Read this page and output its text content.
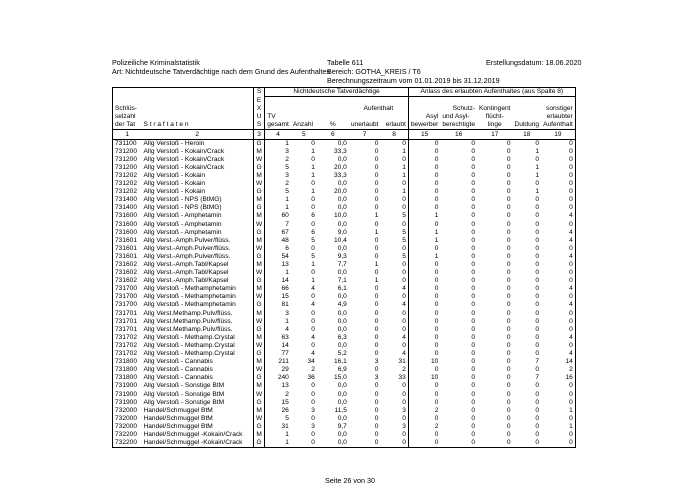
Polizeiliche Kriminalstatistik
Art: Nichtdeutsche Tatverdächtige nach dem Grund des Aufenthaltes
Tabelle 611
Bereich: GOTHA_KREIS / T6
Berechnungszeitraum vom 01.01.2019 bis 31.12.2019
Erstellungsdatum: 18.06.2020
		S	Nichtdeutsche Tatverdächtige					Anlass des erlaubten Aufenthaltes (aus Spalte 8)				
		E										
Schlüs-		X				Aufenthalt			Schutz-	Kontingent		sonstiger
selzahl		U	TV					Asyl	und Asyl-	flücht-		erlaubter
der Tat	S t r a f t a t e n	S	gesamt	Anzahl	%	unerlaubt	erlaubt	bewerber	berechtigte	linge	Duldung	Aufenthalt
1	2	3	4	5	6	7	8	15	16	17	18	19
731100	Allg Verstoß - Heroin	G	1	0	0,0	0	0	0	0	0	0	0
731200	Allg Verstoß - Kokain/Crack	M	3	1	33,3	0	1	0	0	0	1	0
731200	Allg Verstoß - Kokain/Crack	W	2	0	0,0	0	0	0	0	0	0	0
731200	Allg Verstoß - Kokain/Crack	G	5	1	20,0	0	1	0	0	0	1	0
731202	Allg Verstoß - Kokain	M	3	1	33,3	0	1	0	0	0	1	0
731202	Allg Verstoß - Kokain	W	2	0	0,0	0	0	0	0	0	0	0
731202	Allg Verstoß - Kokain	G	5	1	20,0	0	1	0	0	0	1	0
731400	Allg Verstoß - NPS (BtMG)	M	1	0	0,0	0	0	0	0	0	0	0
731400	Allg Verstoß - NPS (BtMG)	G	1	0	0,0	0	0	0	0	0	0	0
731600	Allg Verstoß - Amphetamin	M	60	6	10,0	1	5	1	0	0	0	4
731600	Allg Verstoß - Amphetamin	W	7	0	0,0	0	0	0	0	0	0	0
731600	Allg Verstoß - Amphetamin	G	67	6	9,0	1	5	1	0	0	0	4
731601	Allg Verst.-Amph.Pulver/flüss.	M	48	5	10,4	0	5	1	0	0	0	4
731601	Allg Verst.-Amph.Pulver/flüss.	W	6	0	0,0	0	0	0	0	0	0	0
731601	Allg Verst.-Amph.Pulver/flüss.	G	54	5	9,3	0	5	1	0	0	0	4
731602	Allg Verst.-Amph.Tabl/Kapsel	M	13	1	7,7	1	0	0	0	0	0	0
731602	Allg Verst.-Amph.Tabl/Kapsel	W	1	0	0,0	0	0	0	0	0	0	0
731602	Allg Verst.-Amph.Tabl/Kapsel	G	14	1	7,1	1	0	0	0	0	0	0
731700	Allg Verstoß - Methamphetamin	M	66	4	6,1	0	4	0	0	0	0	4
731700	Allg Verstoß - Methamphetamin	W	15	0	0,0	0	0	0	0	0	0	0
731700	Allg Verstoß - Methamphetamin	G	81	4	4,9	0	4	0	0	0	0	4
731701	Allg Verst.Methamp.Pulv/flüss.	M	3	0	0,0	0	0	0	0	0	0	0
731701	Allg Verst.Methamp.Pulv/flüss.	W	1	0	0,0	0	0	0	0	0	0	0
731701	Allg Verst.Methamp.Pulv/flüss.	G	4	0	0,0	0	0	0	0	0	0	0
731702	Allg Verstoß - Methamp.Crystal	M	63	4	6,3	0	4	0	0	0	0	4
731702	Allg Verstoß - Methamp.Crystal	W	14	0	0,0	0	0	0	0	0	0	0
731702	Allg Verstoß - Methamp.Crystal	G	77	4	5,2	0	4	0	0	0	0	4
731800	Allg Verstoß - Cannabis	M	211	34	16,1	3	31	10	0	0	7	14
731800	Allg Verstoß - Cannabis	W	29	2	6,9	0	2	0	0	0	0	2
731800	Allg Verstoß - Cannabis	G	240	36	15,0	3	33	10	0	0	7	16
731900	Allg Verstoß - Sonstige BtM	M	13	0	0,0	0	0	0	0	0	0	0
731900	Allg Verstoß - Sonstige BtM	W	2	0	0,0	0	0	0	0	0	0	0
731900	Allg Verstoß - Sonstige BtM	G	15	0	0,0	0	0	0	0	0	0	0
732000	Handel/Schmuggel BtM	M	26	3	11,5	0	3	2	0	0	0	1
732000	Handel/Schmuggel BtM	W	5	0	0,0	0	0	0	0	0	0	0
732000	Handel/Schmuggel BtM	G	31	3	9,7	0	3	2	0	0	0	1
732200	Handel/Schmuggel -Kokain/Crack	M	1	0	0,0	0	0	0	0	0	0	0
732200	Handel/Schmuggel -Kokain/Crack	G	1	0	0,0	0	0	0	0	0	0	0
Seite 26 von 30
